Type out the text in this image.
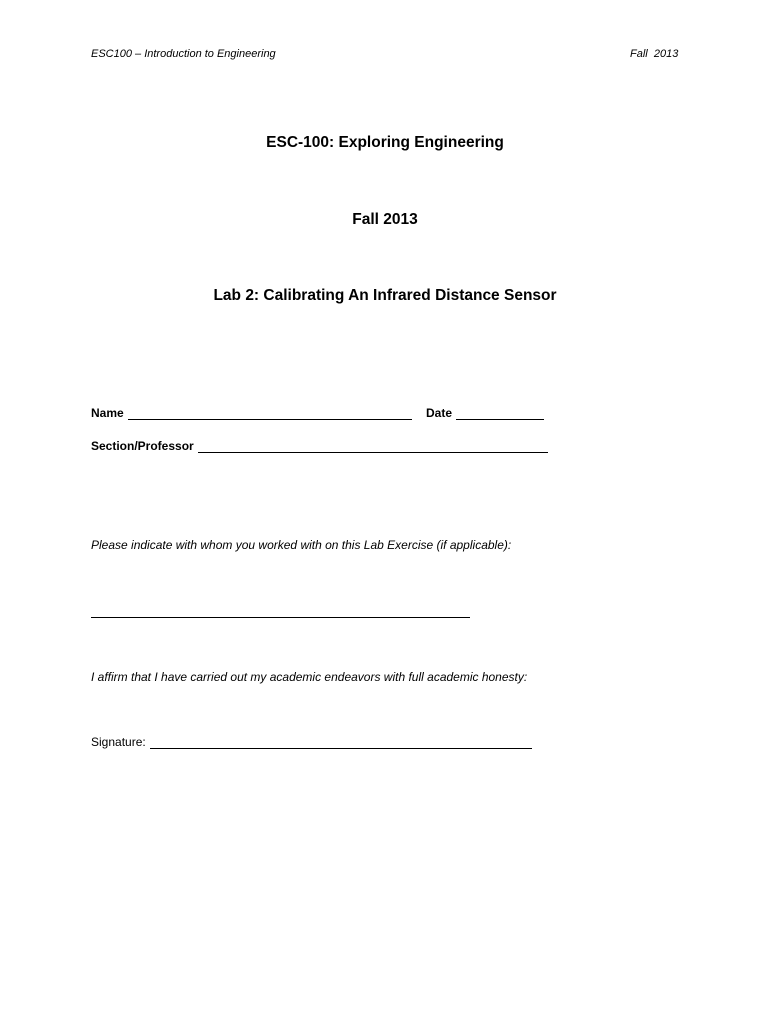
ESC100 – Introduction to Engineering	Fall  2013
ESC-100: Exploring Engineering
Fall 2013
Lab 2: Calibrating An Infrared Distance Sensor
Name	Date
Section/Professor
Please indicate with whom you worked with on this Lab Exercise (if applicable):
I affirm that I have carried out my academic endeavors with full academic honesty:
Signature:
